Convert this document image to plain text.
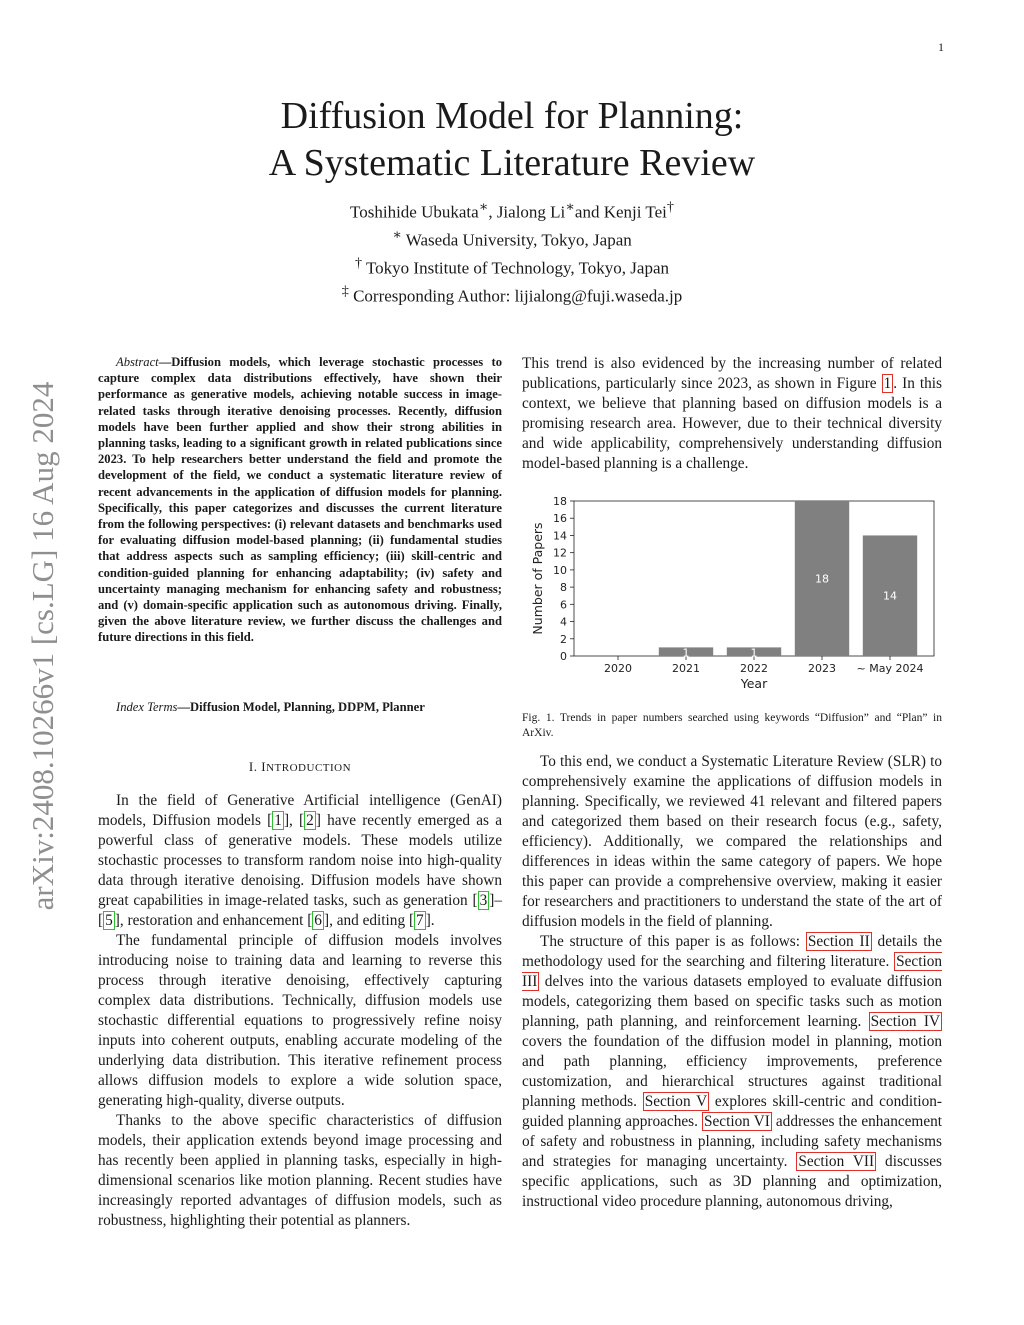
1
Diffusion Model for Planning:
A Systematic Literature Review
Toshihide Ubukata∗, Jialong Li∗and Kenji Tei†
∗ Waseda University, Tokyo, Japan
† Tokyo Institute of Technology, Tokyo, Japan
‡ Corresponding Author: lijialong@fuji.waseda.jp
arXiv:2408.10266v1 [cs.LG] 16 Aug 2024

Abstract—Diffusion models, which leverage stochastic processes to capture complex data distributions effectively, have shown their performance as generative models, achieving notable success in image-related tasks through iterative denoising processes. Recently, diffusion models have been further applied and show their strong abilities in planning tasks, leading to a significant growth in related publications since 2023. To help researchers better understand the field and promote the development of the field, we conduct a systematic literature review of recent advancements in the application of diffusion models for planning. Specifically, this paper categorizes and discusses the current literature from the following perspectives: (i) relevant datasets and benchmarks used for evaluating diffusion model-based planning; (ii) fundamental studies that address aspects such as sampling efficiency; (iii) skill-centric and condition-guided planning for enhancing adaptability; (iv) safety and uncertainty managing mechanism for enhancing safety and robustness; and (v) domain-specific application such as autonomous driving. Finally, given the above literature review, we further discuss the challenges and future directions in this field.

Index Terms—Diffusion Model, Planning, DDPM, Planner

I. INTRODUCTION

In the field of Generative Artificial intelligence (GenAI) models, Diffusion models [ 1 ], [ 2 ] have recently emerged as a powerful class of generative models. These models utilize stochastic processes to transform random noise into high-quality data through iterative denoising. Diffusion models have shown great capabilities in image-related tasks, such as generation [ 3 ]–[ 5 ], restoration and enhancement [ 6 ], and editing [ 7 ].

The fundamental principle of diffusion models involves introducing noise to training data and learning to reverse this process through iterative denoising, effectively capturing complex data distributions. Technically, diffusion models use stochastic differential equations to progressively refine noisy inputs into coherent outputs, enabling accurate modeling of the underlying data distribution. This iterative refinement process allows diffusion models to explore a wide solution space, generating high-quality, diverse outputs.

Thanks to the above specific characteristics of diffusion models, their application extends beyond image processing and has recently been applied in planning tasks, especially in high-dimensional scenarios like motion planning. Recent studies have increasingly reported advantages of diffusion models, such as robustness, highlighting their potential as planners.

This trend is also evidenced by the increasing number of related publications, particularly since 2023, as shown in Figure 1 . In this context, we believe that planning based on diffusion models is a promising research area. However, due to their technical diversity and wide applicability, comprehensively understanding diffusion model-based planning is a challenge.

0
2
4
6
8
10
12
14
16
18
2020	2021
1
2022
1
2023
18
~ May 2024
14
Year
Number of Papers
Fig. 1. Trends in paper numbers searched using keywords “Diffusion” and “Plan” in ArXiv.

To this end, we conduct a Systematic Literature Review (SLR) to comprehensively examine the applications of diffusion models in planning. Specifically, we reviewed 41 relevant and filtered papers and categorized them based on their research focus (e.g., safety, efficiency). Additionally, we compared the relationships and differences in ideas within the same category of papers. We hope this paper can provide a comprehensive overview, making it easier for researchers and practitioners to understand the state of the art of diffusion models in the field of planning.

The structure of this paper is as follows: Section II details the methodology used for the searching and filtering literature. Section III delves into the various datasets employed to evaluate diffusion models, categorizing them based on specific tasks such as motion planning, path planning, and reinforcement learning. Section IV covers the foundation of the diffusion model in planning, motion and path planning, efficiency improvements, preference customization, and hierarchical structures against traditional planning methods. Section V explores skill-centric and condition-guided planning approaches. Section VI addresses the enhancement of safety and robustness in planning, including safety mechanisms and strategies for managing uncertainty. Section VII discusses specific applications, such as 3D planning and optimization, instructional video procedure planning, autonomous driving,
